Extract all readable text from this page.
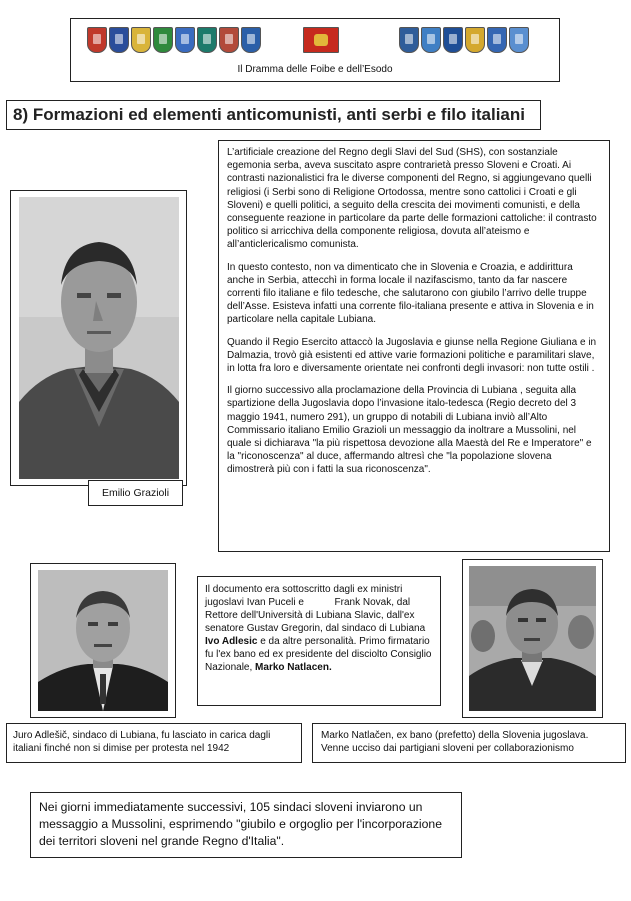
Il Dramma delle Foibe e dell’Esodo
8) Formazioni ed elementi anticomunisti, anti serbi e filo italiani
Emilio Grazioli

L’artificiale creazione del Regno degli Slavi del Sud (SHS), con sostanziale egemonia serba, aveva suscitato aspre contrarietà presso Sloveni e Croati. Ai contrasti nazionalistici fra le diverse componenti del Regno, si aggiungevano quelli religiosi (i Serbi sono di Religione Ortodossa, mentre sono cattolici i Croati e gli Sloveni) e quelli politici, a seguito della crescita dei movimenti comunisti, e della conseguente reazione in particolare da parte delle formazioni cattoliche: il contrasto politico si arricchiva della componente religiosa, dovuta all’ateismo e all’anticlericalismo comunista.

In questo contesto, non va dimenticato che in Slovenia e Croazia, e addirittura anche in Serbia, attecchì in forma locale il nazifascismo, tanto da far nascere correnti filo italiane e filo tedesche, che salutarono con giubilo l’arrivo delle truppe dell’Asse. Esisteva infatti una corrente filo-italiana presente e attiva in Slovenia e in particolare nella capitale Lubiana.

Quando il Regio Esercito attaccò la Jugoslavia e giunse nella Regione Giuliana e in Dalmazia, trovò già esistenti ed attive varie formazioni politiche e paramilitari slave, in lotta fra loro e diversamente orientate nei confronti degli invasori: non tutte ostili .

Il giorno successivo alla proclamazione della Provincia di Lubiana , seguita alla spartizione della Jugoslavia dopo l’invasione italo-tedesca (Regio decreto del 3 maggio 1941, numero 291), un gruppo di notabili di Lubiana inviò all’Alto Commissario italiano Emilio Grazioli un messaggio da inoltrare a Mussolini, nel quale si dichiarava "la più rispettosa devozione alla Maestà del Re e Imperatore" e la "riconoscenza" al duce, affermando altresì che "la popolazione slovena dimostrerà più con i fatti la sua riconoscenza".

Il documento era sottoscritto dagli ex ministri jugoslavi Ivan Puceli e	Frank Novak, dal Rettore dell'Università di Lubiana Slavic, dall'ex senatore Gustav Gregorin, dal sindaco di Lubiana Ivo Adlesic e da altre personalità. Primo firmatario fu l'ex bano ed ex presidente del disciolto Consiglio Nazionale, Marko Natlacen.
Juro Adlešič, sindaco di Lubiana, fu lasciato in carica dagli italiani finché non si dimise per protesta nel 1942
Marko Natlačen, ex bano (prefetto) della Slovenia jugoslava. Venne ucciso dai partigiani sloveni per collaborazionismo
Nei giorni immediatamente successivi, 105 sindaci sloveni inviarono un messaggio a Mussolini, esprimendo "giubilo e orgoglio per l'incorporazione dei territori sloveni nel grande Regno d'Italia".
